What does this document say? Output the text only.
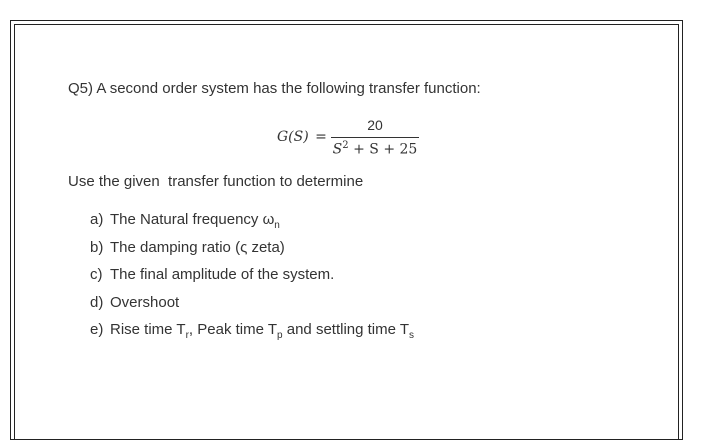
Q5) A second order system has the following transfer function:
G(S) =
20
$S^2 + S + 25$
Use the given  transfer function to determine
a) The Natural frequency $\omega_n$
b) The damping ratio (ς zeta)
c) The final amplitude of the system.
d) Overshoot
e) Rise time $T_r$, Peak time $T_p$ and settling time $T_s$
